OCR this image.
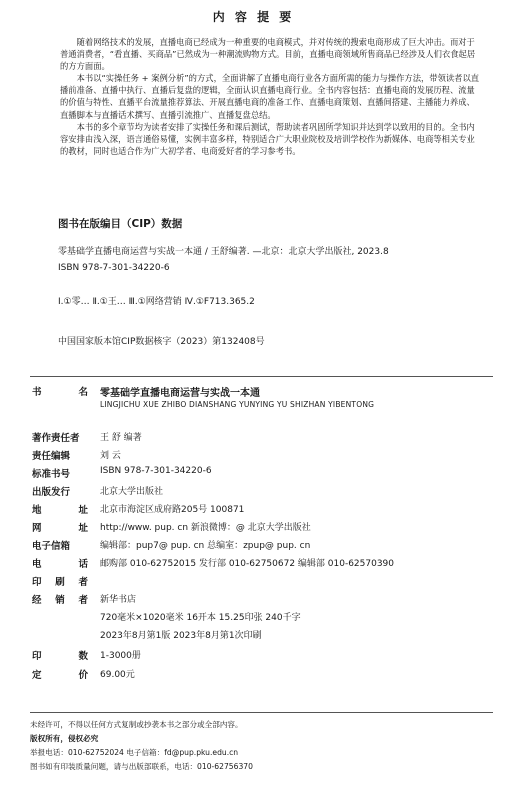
内 容 提 要

随着网络技术的发展，直播电商已经成为一种重要的电商模式，并对传统的搜索电商形成了巨大冲击。而对于普通消费者，“看直播、买商品”已然成为一种潮流购物方式。目前，直播电商领域所售商品已经涉及人们衣食起居的方方面面。

本书以“实操任务 + 案例分析”的方式，全面讲解了直播电商行业各方面所需的能力与操作方法，带领读者以直播前准备、直播中执行、直播后复盘的逻辑，全面认识直播电商行业。全书内容包括：直播电商的发展历程、流量的价值与特性、直播平台流量推荐算法、开展直播电商的准备工作、直播电商策划、直播间搭建、主播能力养成、直播脚本与直播话术撰写、直播引流推广、直播复盘总结。

本书的多个章节均为读者安排了实操任务和课后测试，帮助读者巩固所学知识并达到学以致用的目的。全书内容安排由浅入深，语言通俗易懂，实例丰富多样，特别适合广大职业院校及培训学校作为新媒体、电商等相关专业的教材，同时也适合作为广大初学者、电商爱好者的学习参考书。

图书在版编目（CIP）数据

零基础学直播电商运营与实战一本通 / 王舒编著. —北京：北京大学出版社, 2023.8

ISBN 978-7-301-34220-6

Ⅰ.①零… Ⅱ.①王… Ⅲ.①网络营销 Ⅳ.①F713.365.2

中国国家版本馆CIP数据核字（2023）第132408号

书	名 零基础学直播电商运营与实战一本通
LINGJICHU XUE ZHIBO DIANSHANG YUNYING YU SHIZHAN YIBENTONG
著作责任者	王 舒 编著
责任编辑	刘 云
标准书号	ISBN 978-7-301-34220-6
出版发行	北京大学出版社
地	址 北京市海淀区成府路205号 100871
网	址 http://www. pup. cn 新浪微博：@ 北京大学出版社
电子信箱	编辑部：pup7@ pup. cn 总编室：zpup@ pup. cn
电	话 邮购部 010-62752015 发行部 010-62750672 编辑部 010-62570390
印 刷 者
经 销 者 新华书店
720毫米×1020毫米 16开本 15.25印张 240千字
2023年8月第1版 2023年8月第1次印刷
印	数 1-3000册
定	价 69.00元

未经许可，不得以任何方式复制或抄袭本书之部分或全部内容。

版权所有，侵权必究

举报电话：010-62752024 电子信箱：fd@pup.pku.edu.cn

图书如有印装质量问题，请与出版部联系，电话：010-62756370
